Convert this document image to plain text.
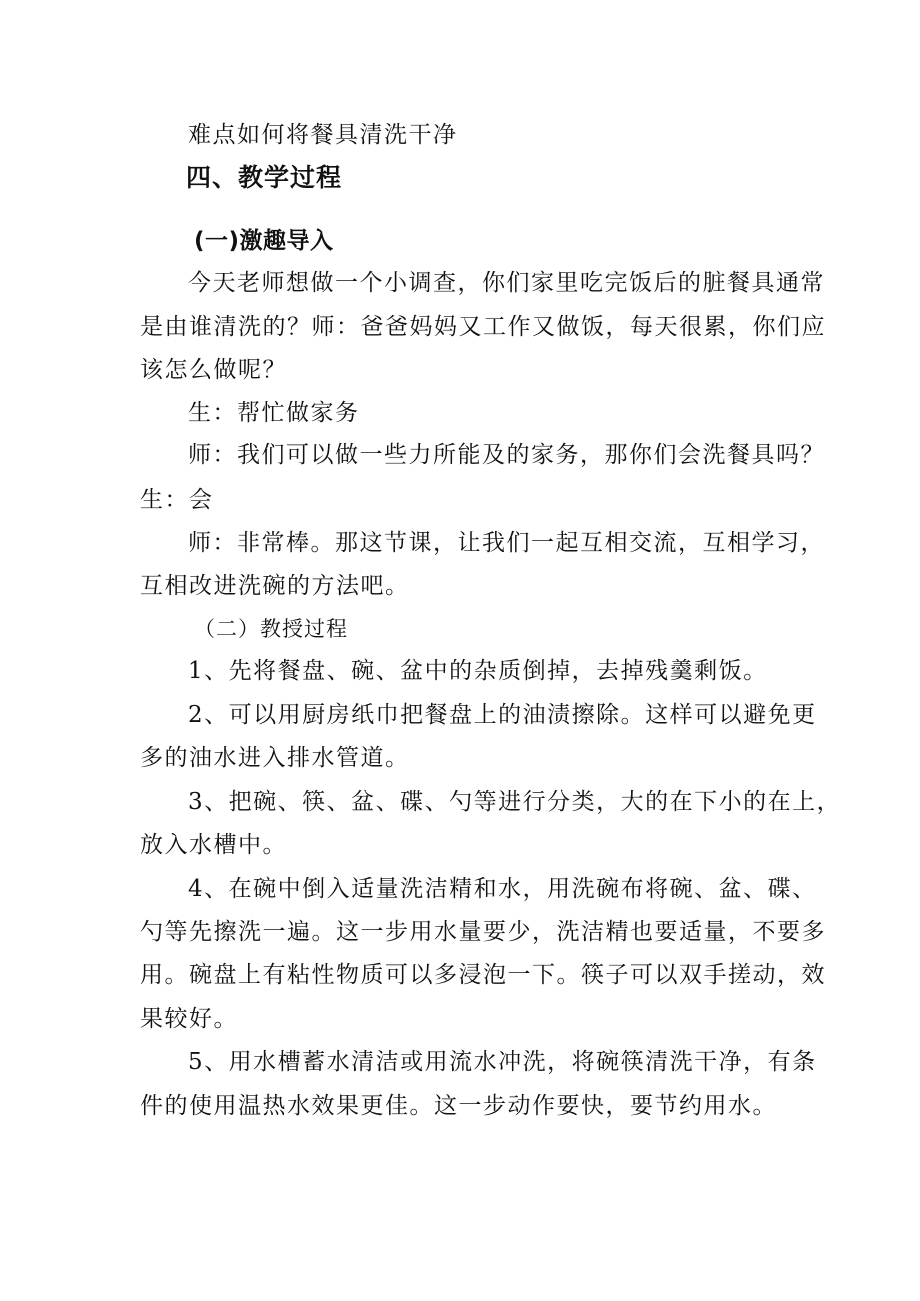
难点如何将餐具清洗干净
四、教学过程
(一)激趣导入
今天老师想做一个小调查，你们家里吃完饭后的脏餐具通常
是由谁清洗的？师：爸爸妈妈又工作又做饭，每天很累，你们应
该怎么做呢？
生：帮忙做家务
师：我们可以做一些力所能及的家务，那你们会洗餐具吗？
生：会
师：非常棒。那这节课，让我们一起互相交流，互相学习，
互相改进洗碗的方法吧。
（二）教授过程
1、先将餐盘、碗、盆中的杂质倒掉，去掉残羹剩饭。
2、可以用厨房纸巾把餐盘上的油渍擦除。这样可以避免更
多的油水进入排水管道。
3、把碗、筷、盆、碟、勺等进行分类，大的在下小的在上，
放入水槽中。
4、在碗中倒入适量洗洁精和水，用洗碗布将碗、盆、碟、
勺等先擦洗一遍。这一步用水量要少，洗洁精也要适量，不要多
用。碗盘上有粘性物质可以多浸泡一下。筷子可以双手搓动，效
果较好。
5、用水槽蓄水清洁或用流水冲洗，将碗筷清洗干净，有条
件的使用温热水效果更佳。这一步动作要快，要节约用水。
